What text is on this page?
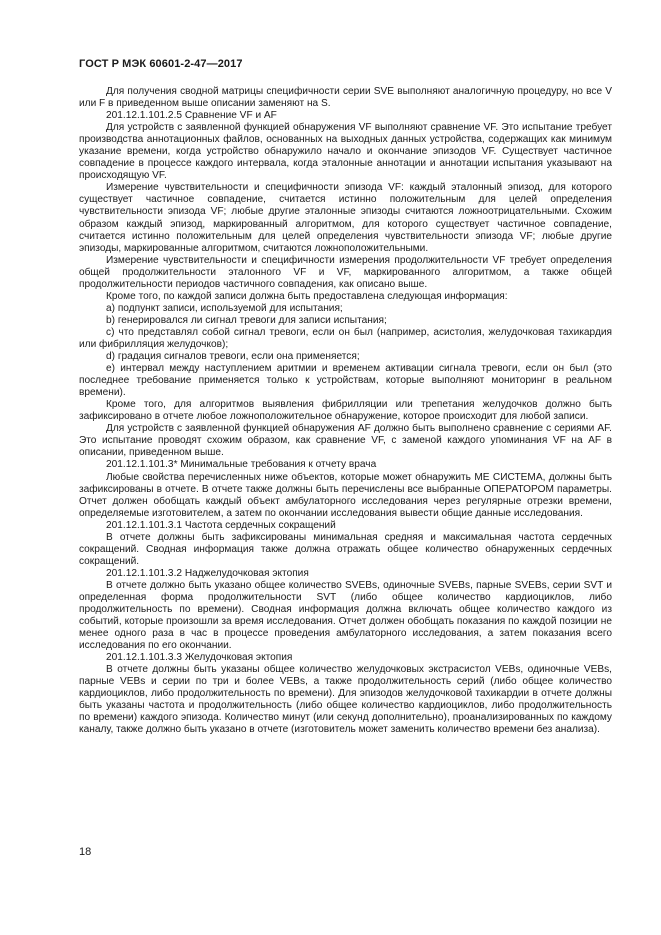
ГОСТ Р МЭК 60601-2-47—2017

Для получения сводной матрицы специфичности серии SVE выполняют аналогичную процедуру, но все V или F в приведенном выше описании заменяют на S.

201.12.1.101.2.5 Сравнение VF и AF

Для устройств с заявленной функцией обнаружения VF выполняют сравнение VF. Это испытание требует производства аннотационных файлов, основанных на выходных данных устройства, содержащих как минимум указание времени, когда устройство обнаружило начало и окончание эпизодов VF. Существует частичное совпадение в процессе каждого интервала, когда эталонные аннотации и аннотации испытания указывают на происходящую VF.

Измерение чувствительности и специфичности эпизода VF: каждый эталонный эпизод, для которого существует частичное совпадение, считается истинно положительным для целей определения чувствительности эпизода VF; любые другие эталонные эпизоды считаются ложноотрицательными. Схожим образом каждый эпизод, маркированный алгоритмом, для которого существует частичное совпадение, считается истинно положительным для целей определения чувствительности эпизода VF; любые другие эпизоды, маркированные алгоритмом, считаются ложноположительными.

Измерение чувствительности и специфичности измерения продолжительности VF требует определения общей продолжительности эталонного VF и VF, маркированного алгоритмом, а также общей продолжительности периодов частичного совпадения, как описано выше.

Кроме того, по каждой записи должна быть предоставлена следующая информация:

a) подпункт записи, используемой для испытания;

b) генерировался ли сигнал тревоги для записи испытания;

c) что представлял собой сигнал тревоги, если он был (например, асистолия, желудочковая тахикардия или фибрилляция желудочков);

d) градация сигналов тревоги, если она применяется;

e) интервал между наступлением аритмии и временем активации сигнала тревоги, если он был (это последнее требование применяется только к устройствам, которые выполняют мониторинг в реальном времени).

Кроме того, для алгоритмов выявления фибрилляции или трепетания желудочков должно быть зафиксировано в отчете любое ложноположительное обнаружение, которое происходит для любой записи.

Для устройств с заявленной функцией обнаружения AF должно быть выполнено сравнение с сериями AF. Это испытание проводят схожим образом, как сравнение VF, с заменой каждого упоминания VF на AF в описании, приведенном выше.

201.12.1.101.3* Минимальные требования к отчету врача

Любые свойства перечисленных ниже объектов, которые может обнаружить МЕ СИСТЕМА, должны быть зафиксированы в отчете. В отчете также должны быть перечислены все выбранные ОПЕРАТОРОМ параметры. Отчет должен обобщать каждый объект амбулаторного исследования через регулярные отрезки времени, определяемые изготовителем, а затем по окончании исследования вывести общие данные исследования.

201.12.1.101.3.1 Частота сердечных сокращений

В отчете должны быть зафиксированы минимальная средняя и максимальная частота сердечных сокращений. Сводная информация также должна отражать общее количество обнаруженных сердечных сокращений.

201.12.1.101.3.2 Наджелудочковая эктопия

В отчете должно быть указано общее количество SVEBs, одиночные SVEBs, парные SVEBs, серии SVT и определенная форма продолжительности SVT (либо общее количество кардиоциклов, либо продолжительность по времени). Сводная информация должна включать общее количество каждого из событий, которые произошли за время исследования. Отчет должен обобщать показания по каждой позиции не менее одного раза в час в процессе проведения амбулаторного исследования, а затем показания всего исследования по его окончании.

201.12.1.101.3.3 Желудочковая эктопия

В отчете должны быть указаны общее количество желудочковых экстрасистол VEBs, одиночные VEBs, парные VEBs и серии по три и более VEBs, а также продолжительность серий (либо общее количество кардиоциклов, либо продолжительность по времени). Для эпизодов желудочковой тахикардии в отчете должны быть указаны частота и продолжительность (либо общее количество кардиоциклов, либо продолжительность по времени) каждого эпизода. Количество минут (или секунд дополнительно), проанализированных по каждому каналу, также должно быть указано в отчете (изготовитель может заменить количество времени без анализа).

18
